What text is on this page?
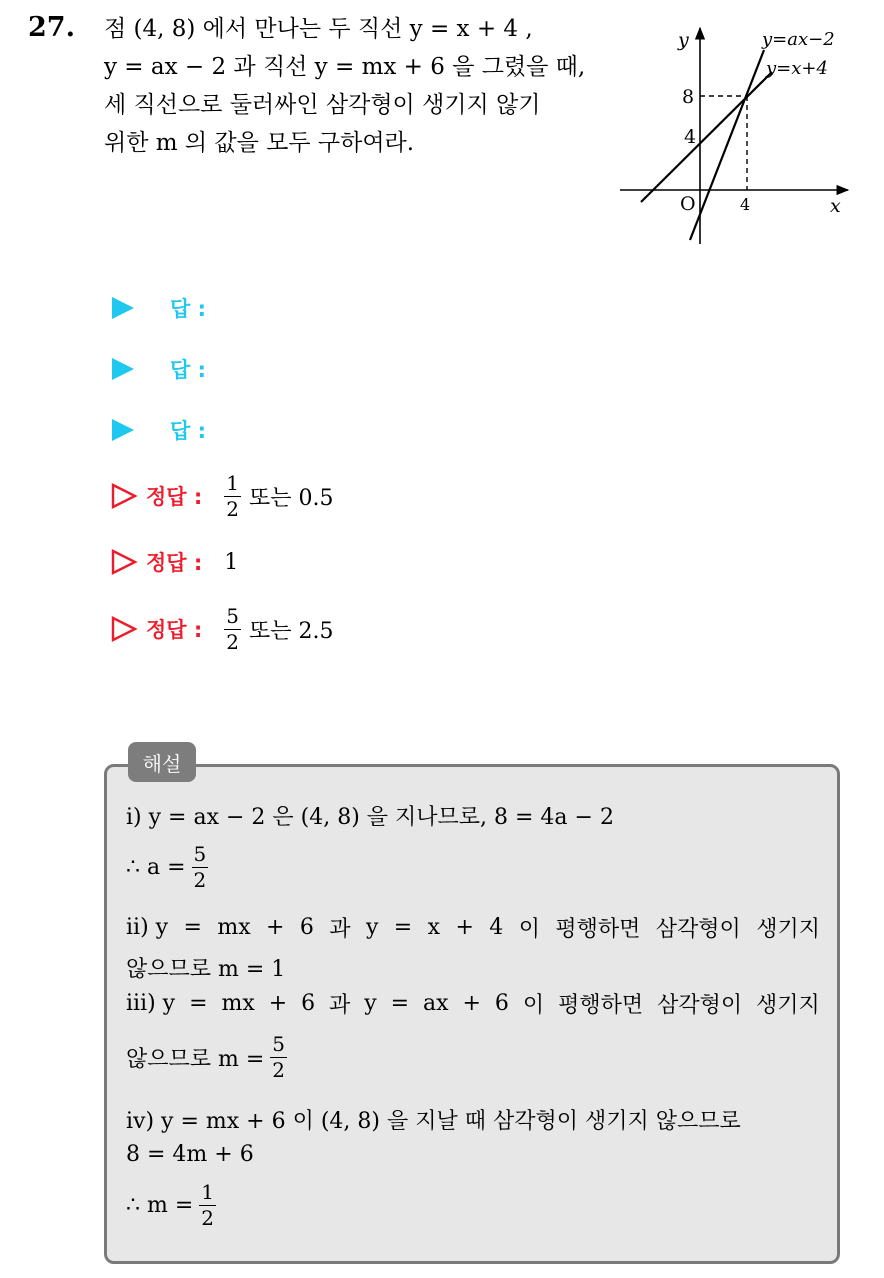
27. 점 (4, 8) 에서 만나는 두 직선 y = x + 4 ,
y = ax − 2 과 직선 y = mx + 6 을 그렸을 때,
세 직선으로 둘러싸인 삼각형이 생기지 않기
위한 m 의 값을 모두 구하여라.
y
x
O	4
8
4
y=ax−2
y=x+4
답 :
답 :
답 :
정답 : $\frac{1}{2}$ 또는 0.5
정답 : 1
정답 : $\frac{5}{2}$ 또는 2.5
해설
ⅰ) y = ax − 2 은 (4, 8) 을 지나므로, 8 = 4a − 2
∴ $a = \frac{5}{2}$
ⅱ) y = mx + 6 과 y = x + 4 이 평행하면 삼각형이 생기지
않으므로 m = 1
ⅲ) y = mx + 6 과 y = ax + 6 이 평행하면 삼각형이 생기지
않으므로 $m = \frac{5}{2}$
ⅳ) y = mx + 6 이 (4, 8) 을 지날 때 삼각형이 생기지 않으므로
8 = 4m + 6
∴ $m = \frac{1}{2}$
